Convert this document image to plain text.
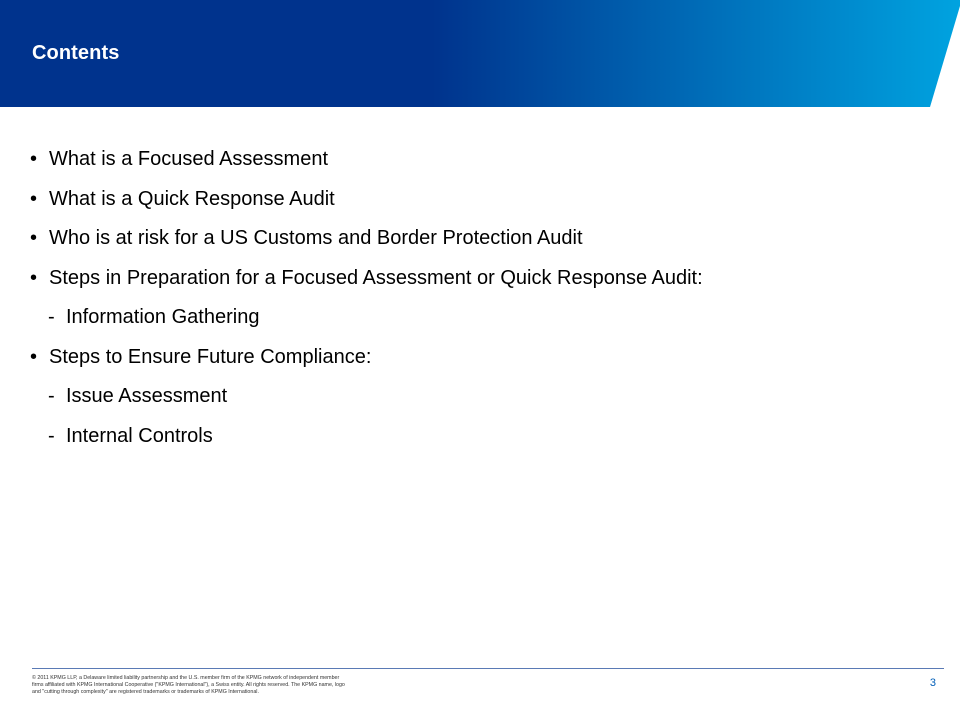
Contents
• What is a Focused Assessment
• What is a Quick Response Audit
• Who is at risk for a US Customs and Border Protection Audit
• Steps in Preparation for a Focused Assessment or Quick Response Audit:
- Information Gathering
• Steps to Ensure Future Compliance:
- Issue Assessment
- Internal Controls
© 2011 KPMG LLP, a Delaware limited liability partnership and the U.S. member firm of the KPMG network of independent member firms affiliated with KPMG International Cooperative ("KPMG International"), a Swiss entity. All rights reserved. The KPMG name, logo and "cutting through complexity" are registered trademarks or trademarks of KPMG International.
3
